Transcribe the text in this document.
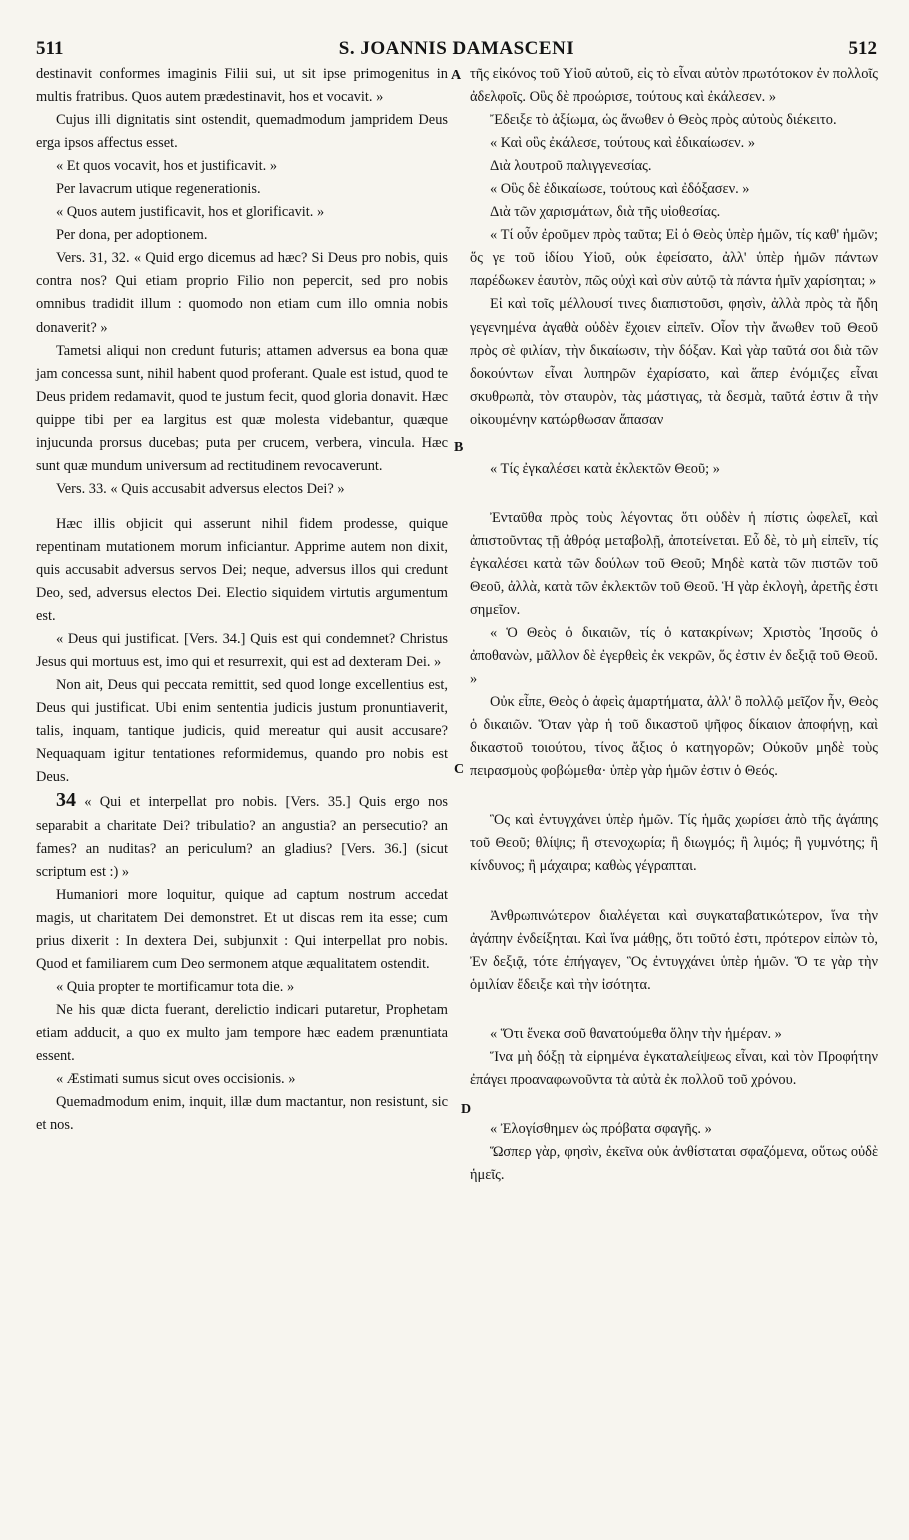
511	S. JOANNIS DAMASCENI	512
A
B
C
D

destinavit conformes imaginis Filii sui, ut sit ipse primogenitus in multis fratribus. Quos autem prædestinavit, hos et vocavit. »

Cujus illi dignitatis sint ostendit, quemadmodum jampridem Deus erga ipsos affectus esset.

« Et quos vocavit, hos et justificavit. »

Per lavacrum utique regenerationis.

« Quos autem justificavit, hos et glorificavit. »

Per dona, per adoptionem.

Vers. 31, 32. « Quid ergo dicemus ad hæc? Si Deus pro nobis, quis contra nos? Qui etiam proprio Filio non pepercit, sed pro nobis omnibus tradidit illum : quomodo non etiam cum illo omnia nobis donaverit? »

Tametsi aliqui non credunt futuris; attamen adversus ea bona quæ jam concessa sunt, nihil habent quod proferant. Quale est istud, quod te Deus pridem redamavit, quod te justum fecit, quod gloria donavit. Hæc quippe tibi per ea largitus est quæ molesta videbantur, quæque injucunda prorsus ducebas; puta per crucem, verbera, vincula. Hæc sunt quæ mundum universum ad rectitudinem revocaverunt.

Vers. 33. « Quis accusabit adversus electos Dei? »

Hæc illis objicit qui asserunt nihil fidem prodesse, quique repentinam mutationem morum inficiantur. Apprime autem non dixit, quis accusabit adversus servos Dei; neque, adversus illos qui credunt Deo, sed, adversus electos Dei. Electio siquidem virtutis argumentum est.

« Deus qui justificat. [Vers. 34.] Quis est qui condemnet? Christus Jesus qui mortuus est, imo qui et resurrexit, qui est ad dexteram Dei. »

Non ait, Deus qui peccata remittit, sed quod longe excellentius est, Deus qui justificat. Ubi enim sententia judicis justum pronuntiaverit, talis, inquam, tantique judicis, quid mereatur qui ausit accusare? Nequaquam igitur tentationes reformidemus, quando pro nobis est Deus.

34 « Qui et interpellat pro nobis. [Vers. 35.] Quis ergo nos separabit a charitate Dei? tribulatio? an angustia? an persecutio? an fames? an nuditas? an periculum? an gladius? [Vers. 36.] (sicut scriptum est :) »

Humaniori more loquitur, quique ad captum nostrum accedat magis, ut charitatem Dei demonstret. Et ut discas rem ita esse; cum prius dixerit : In dextera Dei, subjunxit : Qui interpellat pro nobis. Quod et familiarem cum Deo sermonem atque æqualitatem ostendit.

« Quia propter te mortificamur tota die. »

Ne his quæ dicta fuerant, derelictio indicari putaretur, Prophetam etiam adducit, a quo ex multo jam tempore hæc eadem prænuntiata essent.

« Æstimati sumus sicut oves occisionis. »

Quemadmodum enim, inquit, illæ dum mactantur, non resistunt, sic et nos.

τῆς εἰκόνος τοῦ Υἱοῦ αὐτοῦ, εἰς τὸ εἶναι αὐτὸν πρωτότοκον ἐν πολλοῖς ἀδελφοῖς. Οὓς δὲ προώρισε, τούτους καὶ ἐκάλεσεν. »

Ἔδειξε τὸ ἀξίωμα, ὡς ἄνωθεν ὁ Θεὸς πρὸς αὐτοὺς διέκειτο.

« Καὶ οὓς ἐκάλεσε, τούτους καὶ ἐδικαίωσεν. »

Διὰ λουτροῦ παλιγγενεσίας.

« Οὓς δὲ ἐδικαίωσε, τούτους καὶ ἐδόξασεν. »

Διὰ τῶν χαρισμάτων, διὰ τῆς υἱοθεσίας.

« Τί οὖν ἐροῦμεν πρὸς ταῦτα; Εἰ ὁ Θεὸς ὑπὲρ ἡμῶν, τίς καθ' ἡμῶν; ὅς γε τοῦ ἰδίου Υἱοῦ, οὐκ ἐφείσατο, ἀλλ' ὑπὲρ ἡμῶν πάντων παρέδωκεν ἑαυτὸν, πῶς οὐχὶ καὶ σὺν αὐτῷ τὰ πάντα ἡμῖν χαρίσηται; »

Εἰ καὶ τοῖς μέλλουσί τινες διαπιστοῦσι, φησὶν, ἀλλὰ πρὸς τὰ ἤδη γεγενημένα ἀγαθὰ οὐδὲν ἔχοιεν εἰπεῖν. Οἷον τὴν ἄνωθεν τοῦ Θεοῦ πρὸς σὲ φιλίαν, τὴν δικαίωσιν, τὴν δόξαν. Καὶ γὰρ ταῦτά σοι διὰ τῶν δοκούντων εἶναι λυπηρῶν ἐχαρίσατο, καὶ ἅπερ ἐνόμιζες εἶναι σκυθρωπὰ, τὸν σταυρὸν, τὰς μάστιγας, τὰ δεσμὰ, ταῦτά ἐστιν ἃ τὴν οἰκουμένην κατώρθωσαν ἅπασαν

« Τίς ἐγκαλέσει κατὰ ἐκλεκτῶν Θεοῦ; »

Ἐνταῦθα πρὸς τοὺς λέγοντας ὅτι οὐδὲν ἡ πίστις ὠφελεῖ, καὶ ἀπιστοῦντας τῇ ἀθρόᾳ μεταβολῇ, ἀποτείνεται. Εὖ δὲ, τὸ μὴ εἰπεῖν, τίς ἐγκαλέσει κατὰ τῶν δούλων τοῦ Θεοῦ; Μηδὲ κατὰ τῶν πιστῶν τοῦ Θεοῦ, ἀλλὰ, κατὰ τῶν ἐκλεκτῶν τοῦ Θεοῦ. Ἡ γὰρ ἐκλογὴ, ἀρετῆς ἐστι σημεῖον.

« Ὁ Θεὸς ὁ δικαιῶν, τίς ὁ κατακρίνων; Χριστὸς Ἰησοῦς ὁ ἀποθανὼν, μᾶλλον δὲ ἐγερθεὶς ἐκ νεκρῶν, ὅς ἐστιν ἐν δεξιᾷ τοῦ Θεοῦ. »

Οὐκ εἶπε, Θεὸς ὁ ἀφεὶς ἁμαρτήματα, ἀλλ' ὃ πολλῷ μεῖζον ἦν, Θεὸς ὁ δικαιῶν. Ὅταν γὰρ ἡ τοῦ δικαστοῦ ψῆφος δίκαιον ἀποφήνῃ, καὶ δικαστοῦ τοιούτου, τίνος ἄξιος ὁ κατηγορῶν; Οὐκοῦν μηδὲ τοὺς πειρασμοὺς φοβώμεθα· ὑπὲρ γὰρ ἡμῶν ἐστιν ὁ Θεός.

Ὃς καὶ ἐντυγχάνει ὑπὲρ ἡμῶν. Τίς ἡμᾶς χωρίσει ἀπὸ τῆς ἀγάπης τοῦ Θεοῦ; θλίψις; ἢ στενοχωρία; ἢ διωγμός; ἢ λιμός; ἢ γυμνότης; ἢ κίνδυνος; ἢ μάχαιρα; καθὼς γέγραπται.

Ἀνθρωπινώτερον διαλέγεται καὶ συγκαταβατικώτερον, ἵνα τὴν ἀγάπην ἐνδείξηται. Καὶ ἵνα μάθῃς, ὅτι τοῦτό ἐστι, πρότερον εἰπὼν τὸ, Ἐν δεξιᾷ, τότε ἐπήγαγεν, Ὃς ἐντυγχάνει ὑπὲρ ἡμῶν. Ὅ τε γὰρ τὴν ὁμιλίαν ἔδειξε καὶ τὴν ἰσότητα.

« Ὅτι ἕνεκα σοῦ θανατούμεθα ὅλην τὴν ἡμέραν. »

Ἵνα μὴ δόξῃ τὰ εἰρημένα ἐγκαταλείψεως εἶναι, καὶ τὸν Προφήτην ἐπάγει προαναφωνοῦντα τὰ αὐτὰ ἐκ πολλοῦ τοῦ χρόνου.

« Ἐλογίσθημεν ὡς πρόβατα σφαγῆς. »

Ὥσπερ γὰρ, φησὶν, ἐκεῖνα οὐκ ἀνθίσταται σφαζόμενα, οὕτως οὐδὲ ἡμεῖς.
